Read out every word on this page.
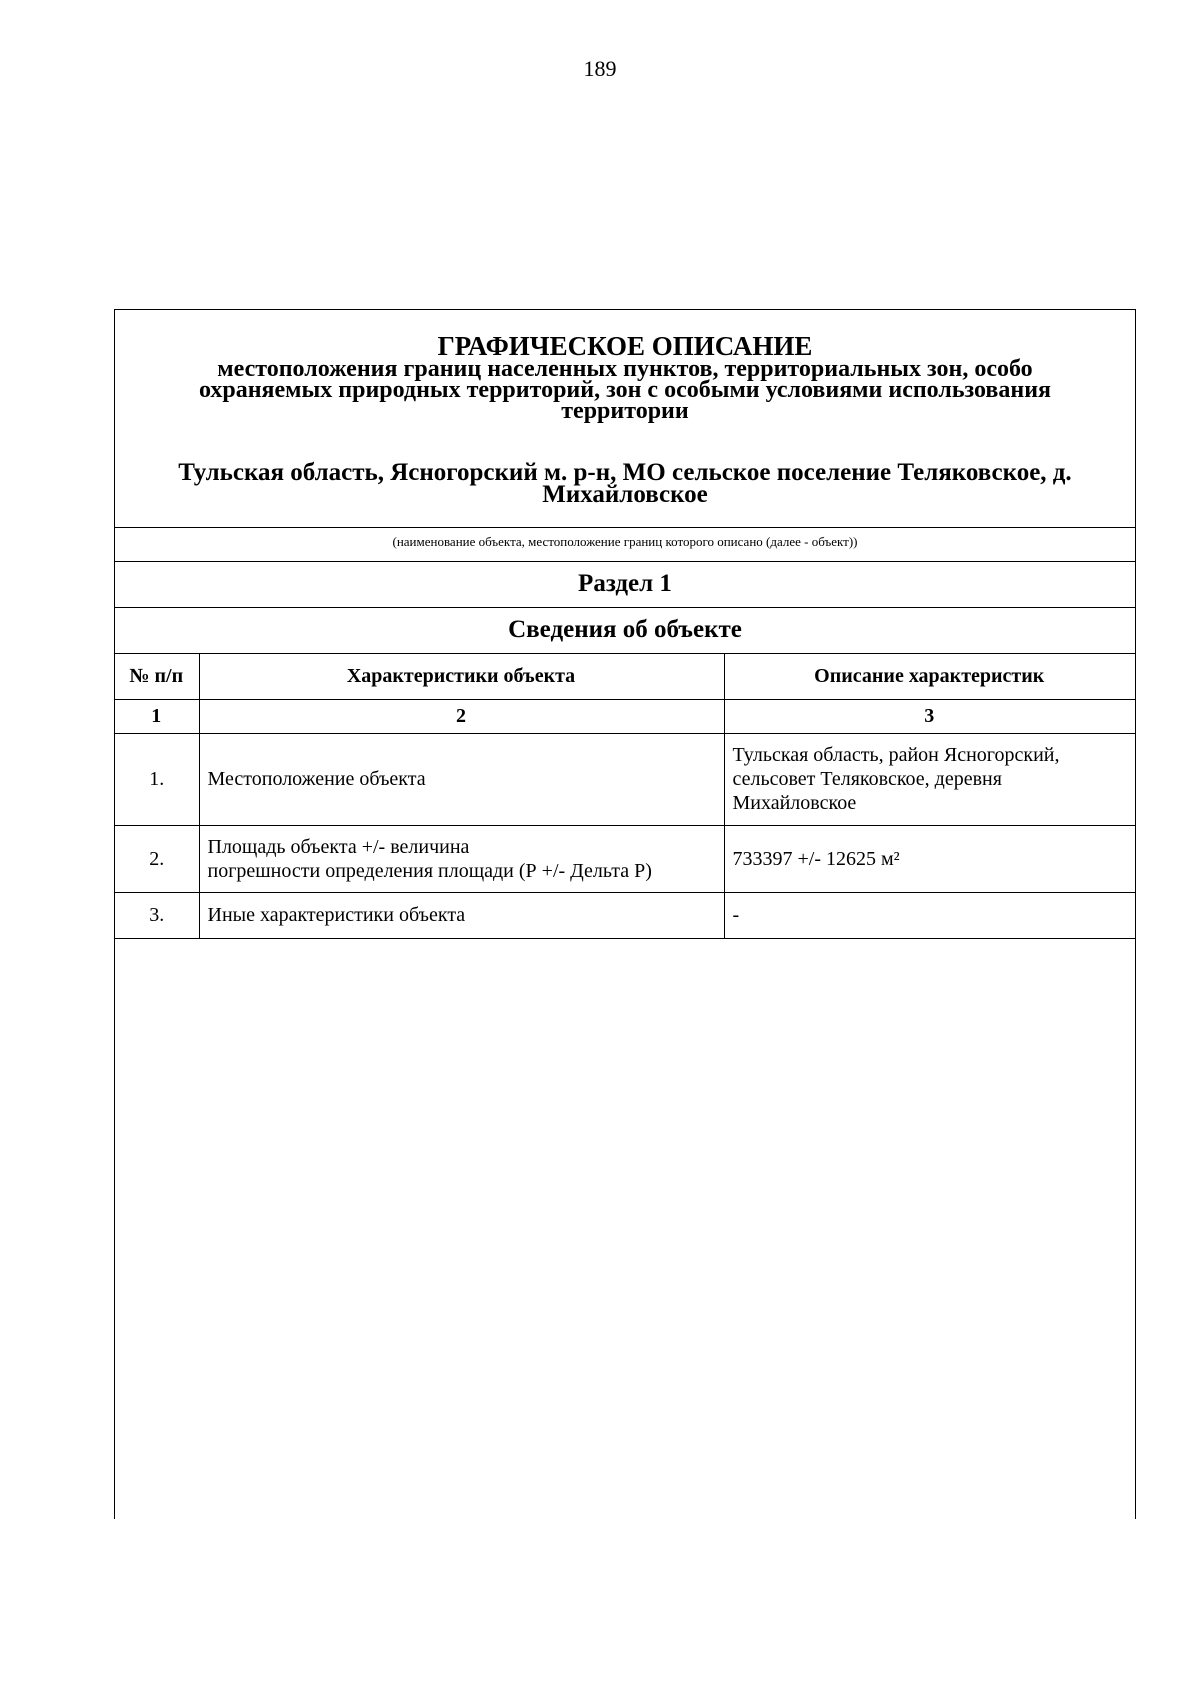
189
ГРАФИЧЕСКОЕ ОПИСАНИЕ
местоположения границ населенных пунктов, территориальных зон, особо
охраняемых природных территорий, зон с особыми условиями использования
территории
Тульская область, Ясногорский м. р-н, МО сельское поселение Теляковское, д.
Михайловское
(наименование объекта, местоположение границ которого описано (далее - объект))
Раздел 1
Сведения об объекте
№ п/п	Характеристики объекта	Описание характеристик
1	2	3
1.	Местоположение объекта	Тульская область, район Ясногорский,
сельсовет Теляковское, деревня
Михайловское
2.	Площадь объекта +/- величина
погрешности определения площади (Р +/- Дельта Р)	733397 +/- 12625 м²
3.	Иные характеристики объекта	-
